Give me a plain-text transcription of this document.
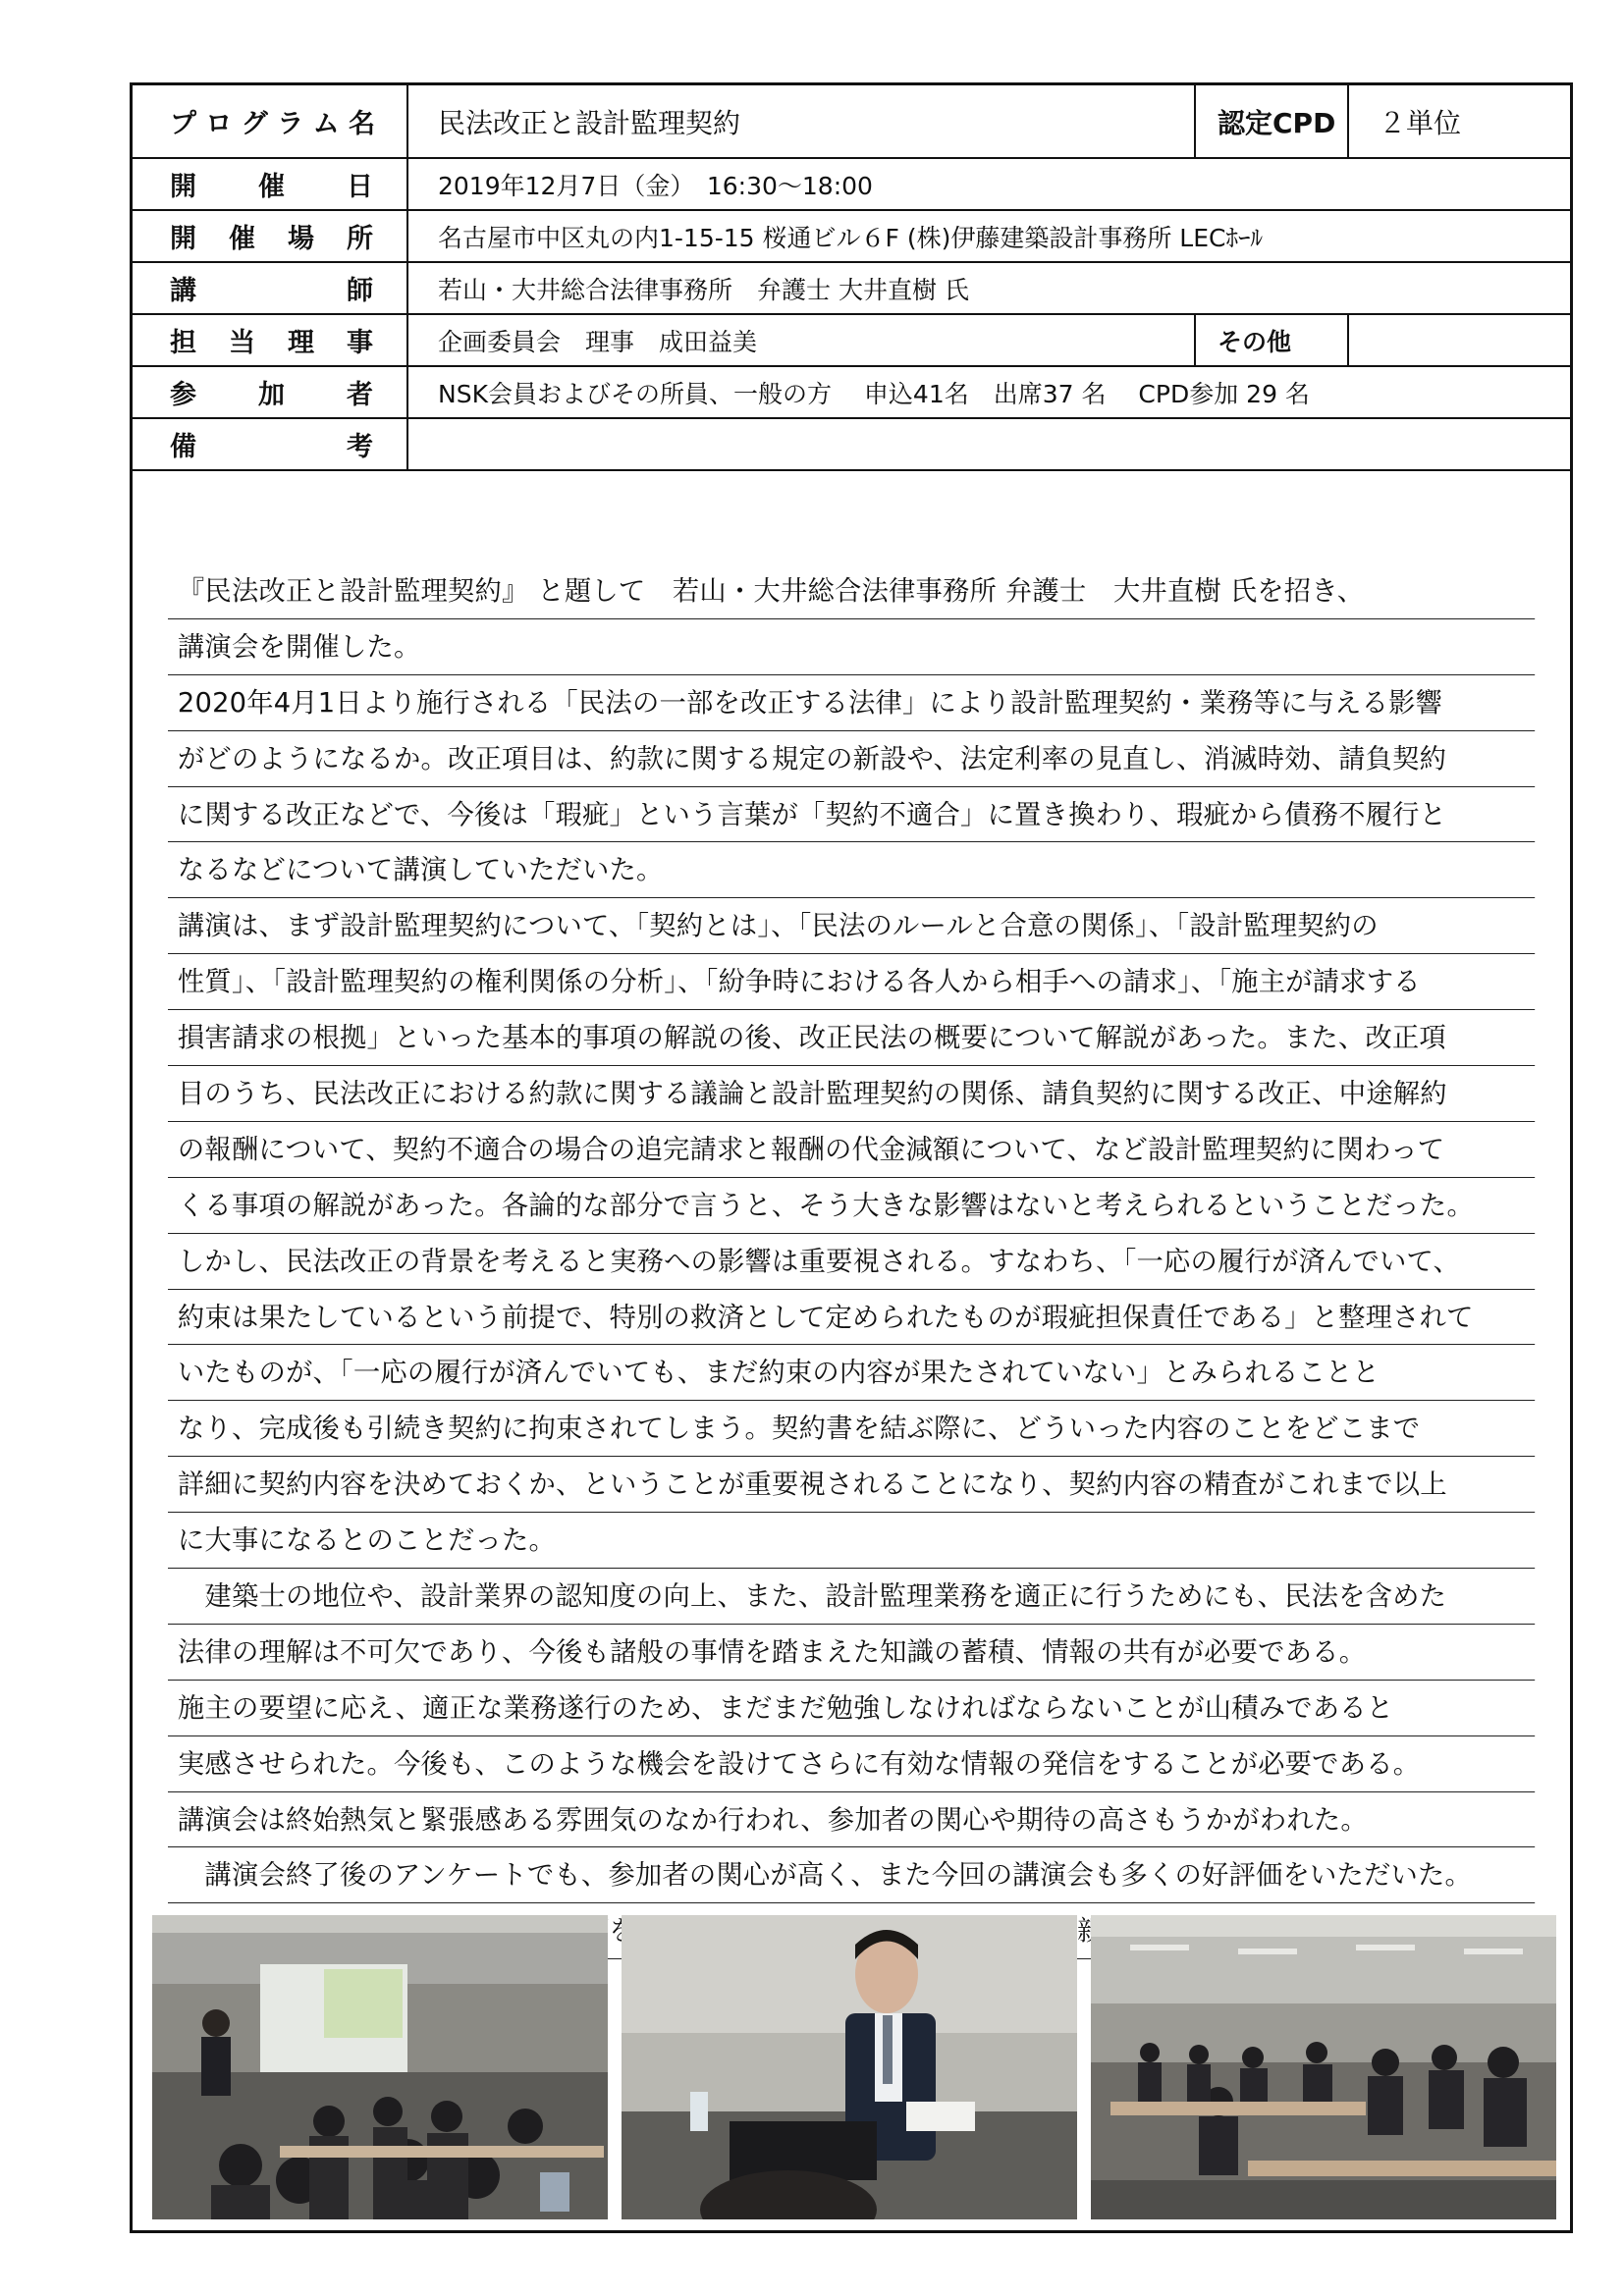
プ ロ グ ラ ム 名	民法改正と設計監理契約	認定CPD	２単位

開 催 日	2019年12月7日（金）　16:30～18:00		

開 催 場 所	名古屋市中区丸の内1-15-15 桜通ビル６F (株)伊藤建築設計事務所 LECﾎｰﾙ		

講 師	若山・大井総合法律事務所　弁護士 大井直樹 氏		

担 当 理 事	企画委員会　理事　成田益美	その他	

参 加 者	NSK会員およびその所員、一般の方　 申込41名　出席37 名　 CPD参加 29 名		

備 考			

『民法改正と設計監理契約』 と題して　若山・大井総合法律事務所 弁護士　大井直樹 氏を招き、
講演会を開催した。
2020年4月1日より施行される「民法の一部を改正する法律」により設計監理契約・業務等に与える影響
がどのようになるか。改正項目は、約款に関する規定の新設や、法定利率の見直し、消滅時効、請負契約
に関する改正などで、今後は「瑕疵」という言葉が「契約不適合」に置き換わり、瑕疵から債務不履行と
なるなどについて講演していただいた。
講演は、まず設計監理契約について、「契約とは」、「民法のルールと合意の関係」、「設計監理契約の
性質」、「設計監理契約の権利関係の分析」、「紛争時における各人から相手への請求」、「施主が請求する
損害請求の根拠」といった基本的事項の解説の後、改正民法の概要について解説があった。また、改正項
目のうち、民法改正における約款に関する議論と設計監理契約の関係、請負契約に関する改正、中途解約
の報酬について、契約不適合の場合の追完請求と報酬の代金減額について、など設計監理契約に関わって
くる事項の解説があった。各論的な部分で言うと、そう大きな影響はないと考えられるということだった。
しかし、民法改正の背景を考えると実務への影響は重要視される。すなわち、「一応の履行が済んでいて、
約束は果たしているという前提で、特別の救済として定められたものが瑕疵担保責任である」と整理されて
いたものが、「一応の履行が済んでいても、まだ約束の内容が果たされていない」とみられることと
なり、完成後も引続き契約に拘束されてしまう。契約書を結ぶ際に、どういった内容のことをどこまで
詳細に契約内容を決めておくか、ということが重要視されることになり、契約内容の精査がこれまで以上
に大事になるとのことだった。
　建築士の地位や、設計業界の認知度の向上、また、設計監理業務を適正に行うためにも、民法を含めた
法律の理解は不可欠であり、今後も諸般の事情を踏まえた知識の蓄積、情報の共有が必要である。
施主の要望に応え、適正な業務遂行のため、まだまだ勉強しなければならないことが山積みであると
実感させられた。今後も、このような機会を設けてさらに有効な情報の発信をすることが必要である。
講演会は終始熱気と緊張感ある雰囲気のなか行われ、参加者の関心や期待の高さもうかがわれた。
　講演会終了後のアンケートでも、参加者の関心が高く、また今回の講演会も多くの好評価をいただいた。
